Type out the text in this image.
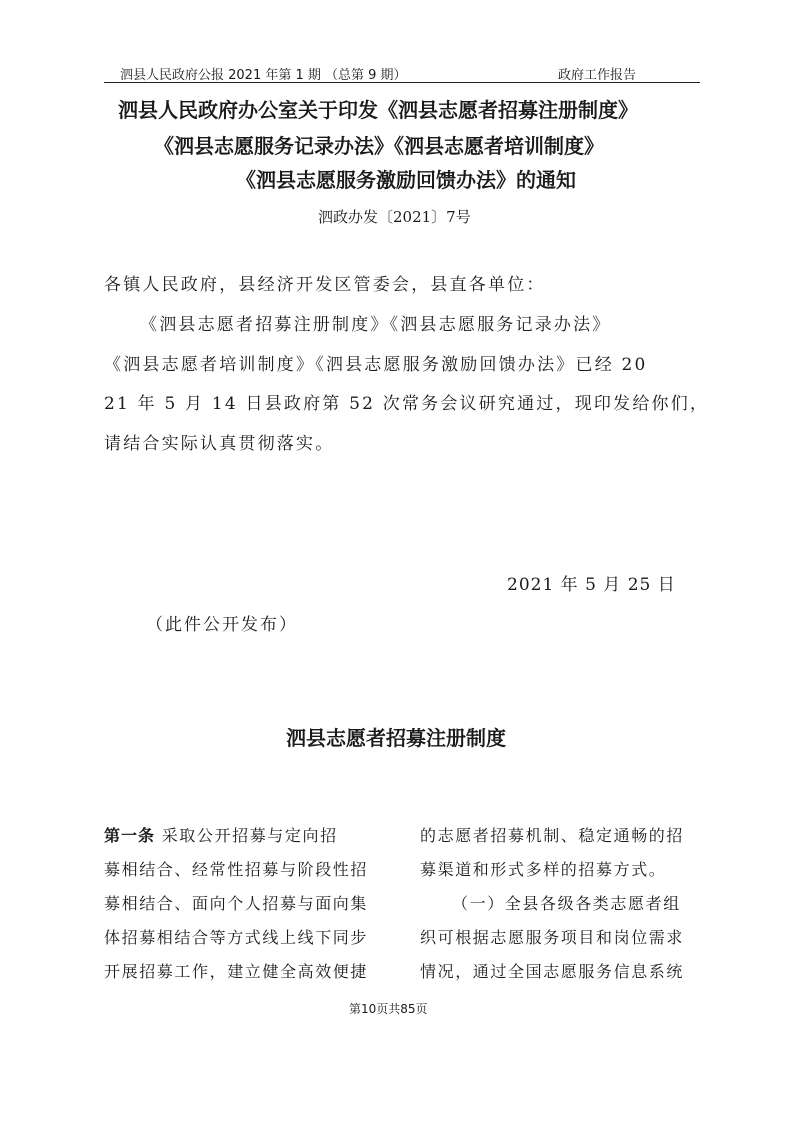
泗县人民政府公报 2021 年第 1 期 （总第 9 期）	政府工作报告
泗县人民政府办公室关于印发《泗县志愿者招募注册制度》
《泗县志愿服务记录办法》《泗县志愿者培训制度》
《泗县志愿服务激励回馈办法》的通知
泗政办发〔2021〕7号
各镇人民政府，县经济开发区管委会，县直各单位：
《泗县志愿者招募注册制度》《泗县志愿服务记录办法》
《泗县志愿者培训制度》《泗县志愿服务激励回馈办法》已经 20
21 年 5 月 14 日县政府第 52 次常务会议研究通过，现印发给你们，
请结合实际认真贯彻落实。
2021 年 5 月 25 日
（此件公开发布）
泗县志愿者招募注册制度
第一条 采取公开招募与定向招
募相结合、经常性招募与阶段性招
募相结合、面向个人招募与面向集
体招募相结合等方式线上线下同步
开展招募工作，建立健全高效便捷
的志愿者招募机制、稳定通畅的招
募渠道和形式多样的招募方式。
（一）全县各级各类志愿者组
织可根据志愿服务项目和岗位需求
情况，通过全国志愿服务信息系统
第10页共85页
